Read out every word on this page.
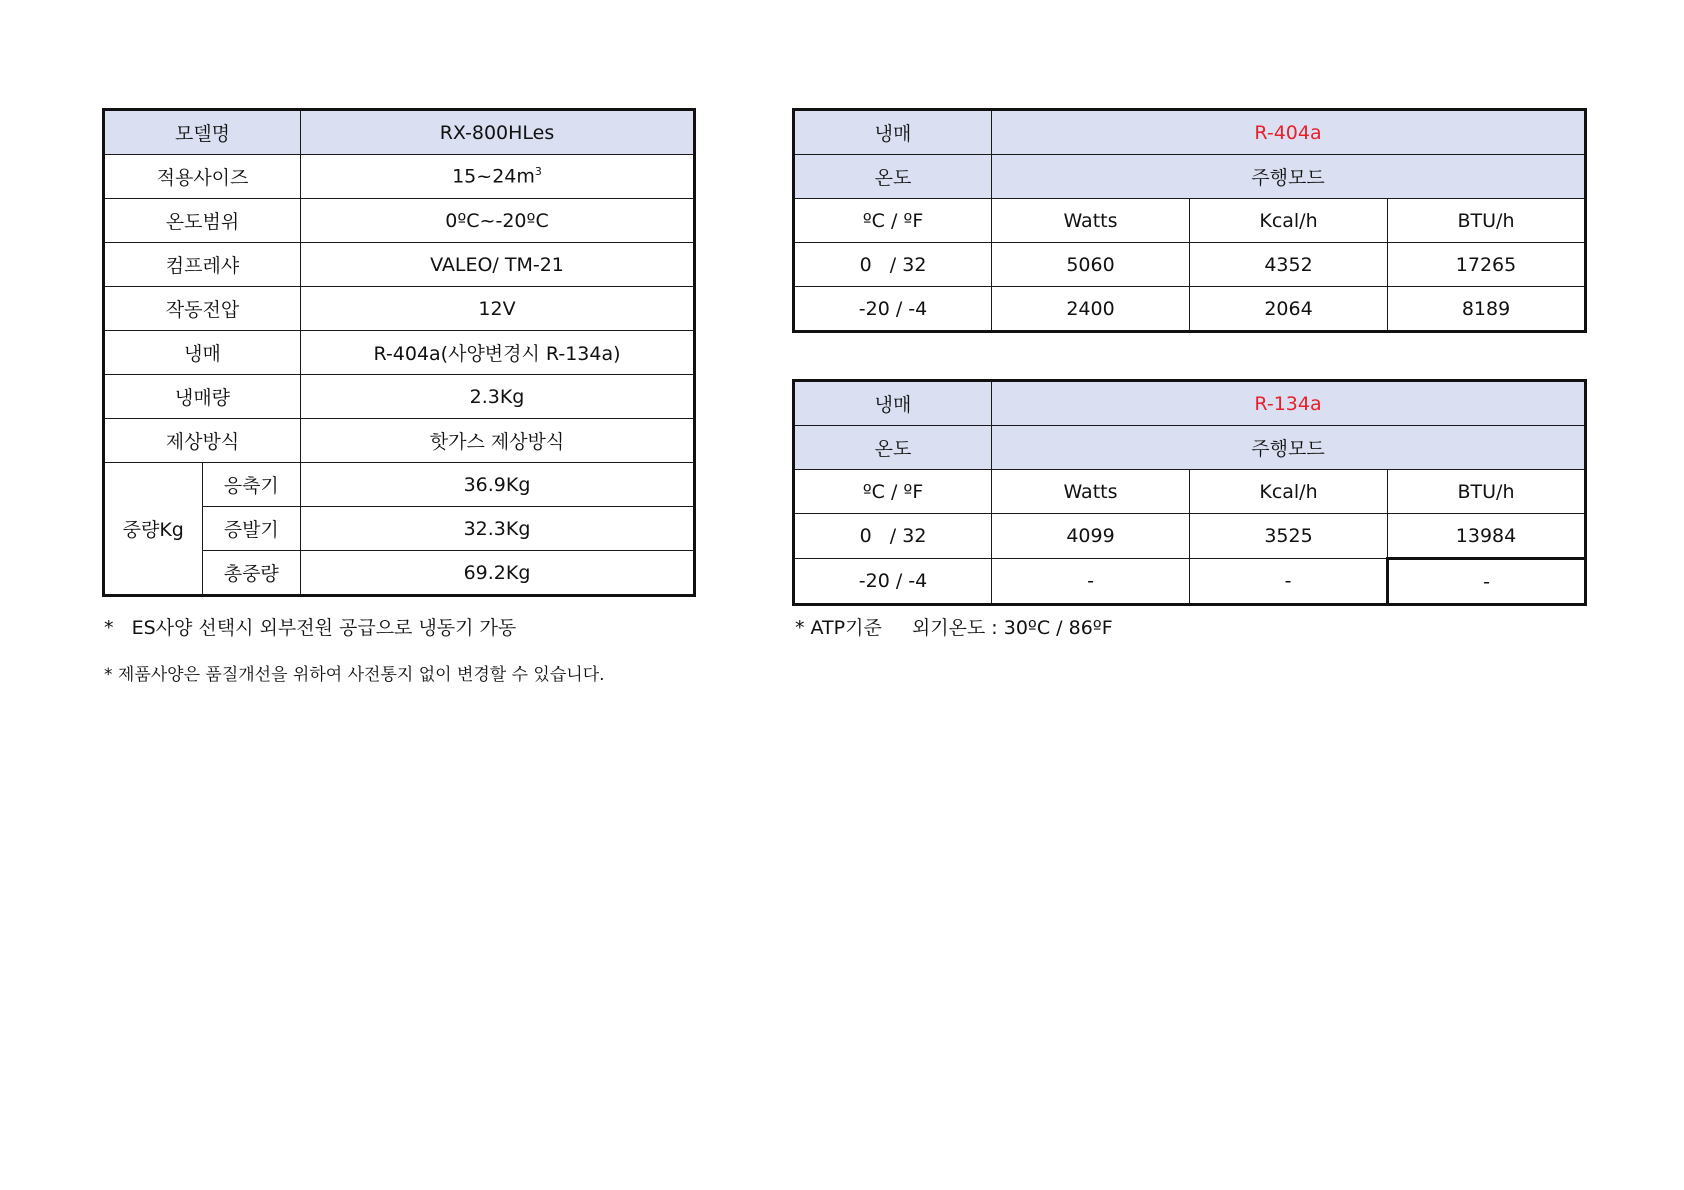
모델명		RX-800HLes
적용사이즈		$15\sim 24m^3$
온도범위		0ºC~-20ºC
컴프레샤		VALEO/ TM-21
작동전압		12V
냉매		R-404a(사양변경시 R-134a)
냉매량		2.3Kg
제상방식		핫가스 제상방식
중량Kg	응축기	36.9Kg
	증발기	32.3Kg
	총중량	69.2Kg
냉매	R-404a		
온도	주행모드		
ºC / ºF	Watts	Kcal/h	BTU/h
0   / 32	5060	4352	17265
-20 / -4	2400	2064	8189
냉매	R-134a		
온도	주행모드		
ºC / ºF	Watts	Kcal/h	BTU/h
0   / 32	4099	3525	13984
-20 / -4	-	-	-
*   ES사양 선택시 외부전원 공급으로 냉동기 가동
* 제품사양은 품질개선을 위하여 사전통지 없이 변경할 수 있습니다.
* ATP기준 외기온도 : 30ºC / 86ºF
